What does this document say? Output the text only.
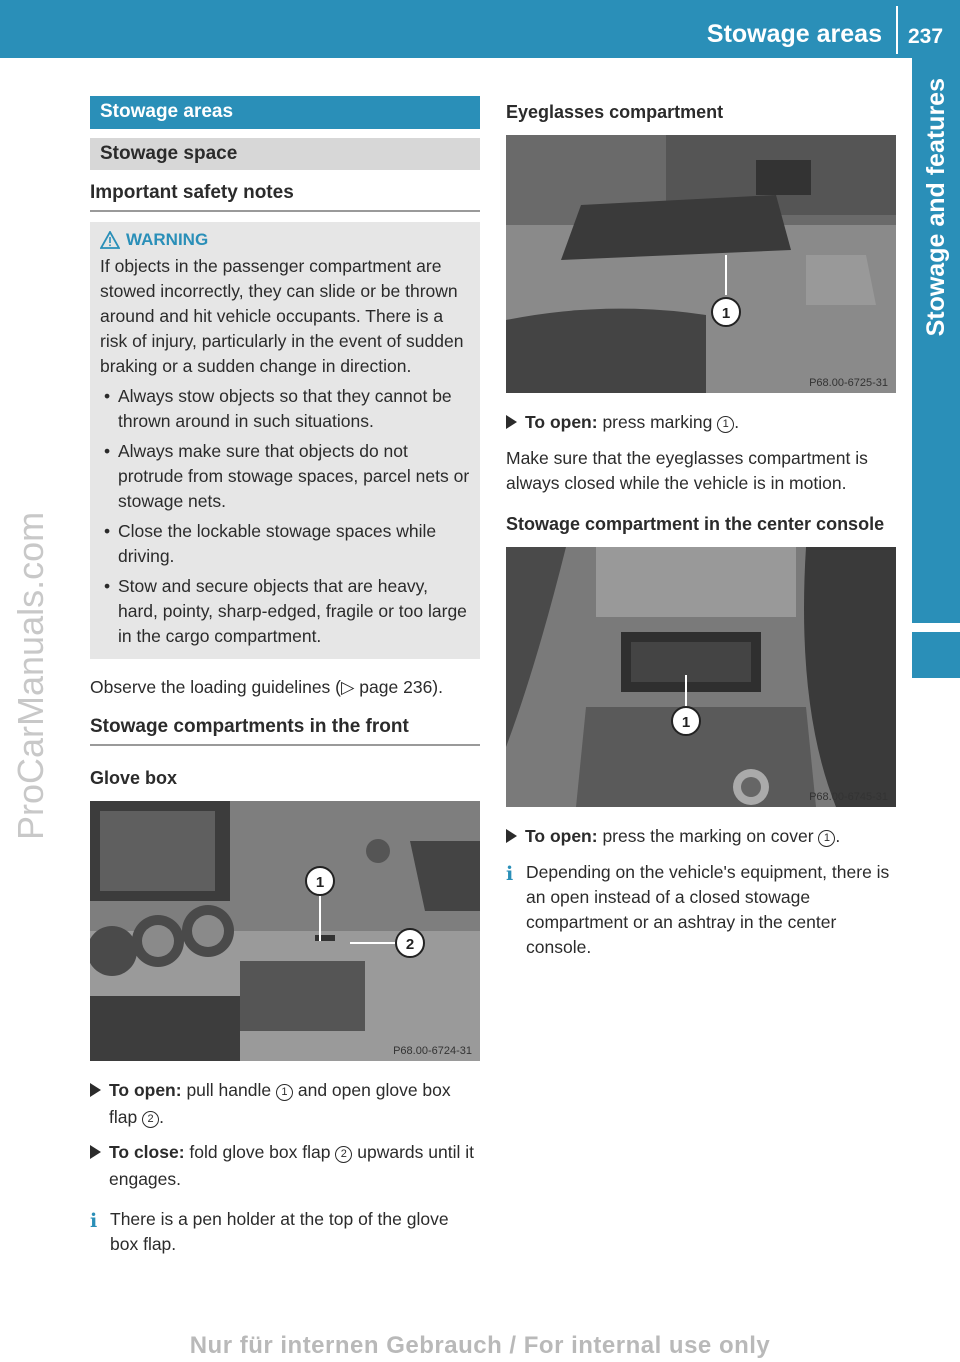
Stowage areas 237
Stowage and features
ProCarManuals.com
Stowage areas
Stowage space
Important safety notes
WARNING

If objects in the passenger compartment are stowed incorrectly, they can slide or be thrown around and hit vehicle occupants. There is a risk of injury, particularly in the event of sudden braking or a sudden change in direction.

• Always stow objects so that they cannot be thrown around in such situations.
• Always make sure that objects do not protrude from stowage spaces, parcel nets or stowage nets.
• Close the lockable stowage spaces while driving.
• Stow and secure objects that are heavy, hard, pointy, sharp-edged, fragile or too large in the cargo compartment.

Observe the loading guidelines (▷ page 236).

Stowage compartments in the front
Glove box
1
2
P68.00-6724-31
To open: pull handle 1 and open glove box flap 2 .
To close: fold glove box flap 2 upwards until it engages.
i There is a pen holder at the top of the glove box flap.
Eyeglasses compartment
1
P68.00-6725-31
To open: press marking 1 .

Make sure that the eyeglasses compartment is always closed while the vehicle is in motion.

Stowage compartment in the center console
1
P68.00-6745-31
To open: press the marking on cover 1 .
i Depending on the vehicle's equipment, there is an open instead of a closed stowage compartment or an ashtray in the center console.
Nur für internen Gebrauch / For internal use only
